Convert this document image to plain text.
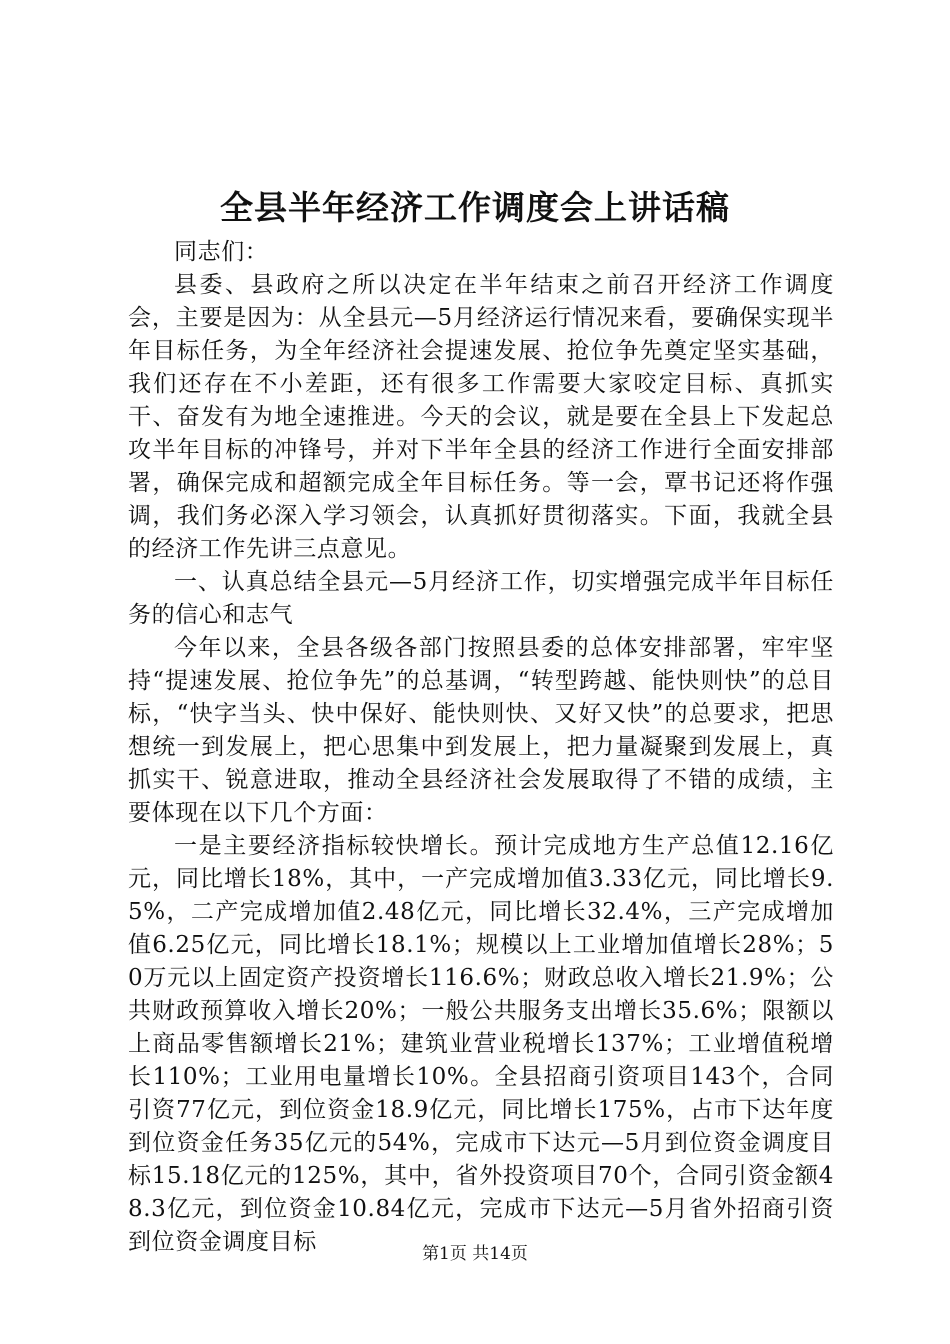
全县半年经济工作调度会上讲话稿

同志们：

县委、县政府之所以决定在半年结束之前召开经济工作调度会，主要是因为：从全县元—5月经济运行情况来看，要确保实现半年目标任务，为全年经济社会提速发展、抢位争先奠定坚实基础，我们还存在不小差距，还有很多工作需要大家咬定目标、真抓实干、奋发有为地全速推进。今天的会议，就是要在全县上下发起总攻半年目标的冲锋号，并对下半年全县的经济工作进行全面安排部署，确保完成和超额完成全年目标任务。等一会，覃书记还将作强调，我们务必深入学习领会，认真抓好贯彻落实。下面，我就全县的经济工作先讲三点意见。

一、认真总结全县元—5月经济工作，切实增强完成半年目标任务的信心和志气

今年以来，全县各级各部门按照县委的总体安排部署，牢牢坚持“提速发展、抢位争先”的总基调，“转型跨越、能快则快”的总目标，“快字当头、快中保好、能快则快、又好又快”的总要求，把思想统一到发展上，把心思集中到发展上，把力量凝聚到发展上，真抓实干、锐意进取，推动全县经济社会发展取得了不错的成绩，主要体现在以下几个方面：

一是主要经济指标较快增长。预计完成地方生产总值12.16亿元，同比增长18%，其中，一产完成增加值3.33亿元，同比增长9.5%，二产完成增加值2.48亿元，同比增长32.4%，三产完成增加值6.25亿元，同比增长18.1%；规模以上工业增加值增长28%；50万元以上固定资产投资增长116.6%；财政总收入增长21.9%；公共财政预算收入增长20%；一般公共服务支出增长35.6%；限额以上商品零售额增长21%；建筑业营业税增长137%；工业增值税增长110%；工业用电量增长10%。全县招商引资项目143个，合同引资77亿元，到位资金18.9亿元，同比增长175%，占市下达年度到位资金任务35亿元的54%，完成市下达元—5月到位资金调度目标15.18亿元的125%，其中，省外投资项目70个，合同引资金额48.3亿元，到位资金10.84亿元，完成市下达元—5月省外招商引资到位资金调度目标	第1页 共14页
